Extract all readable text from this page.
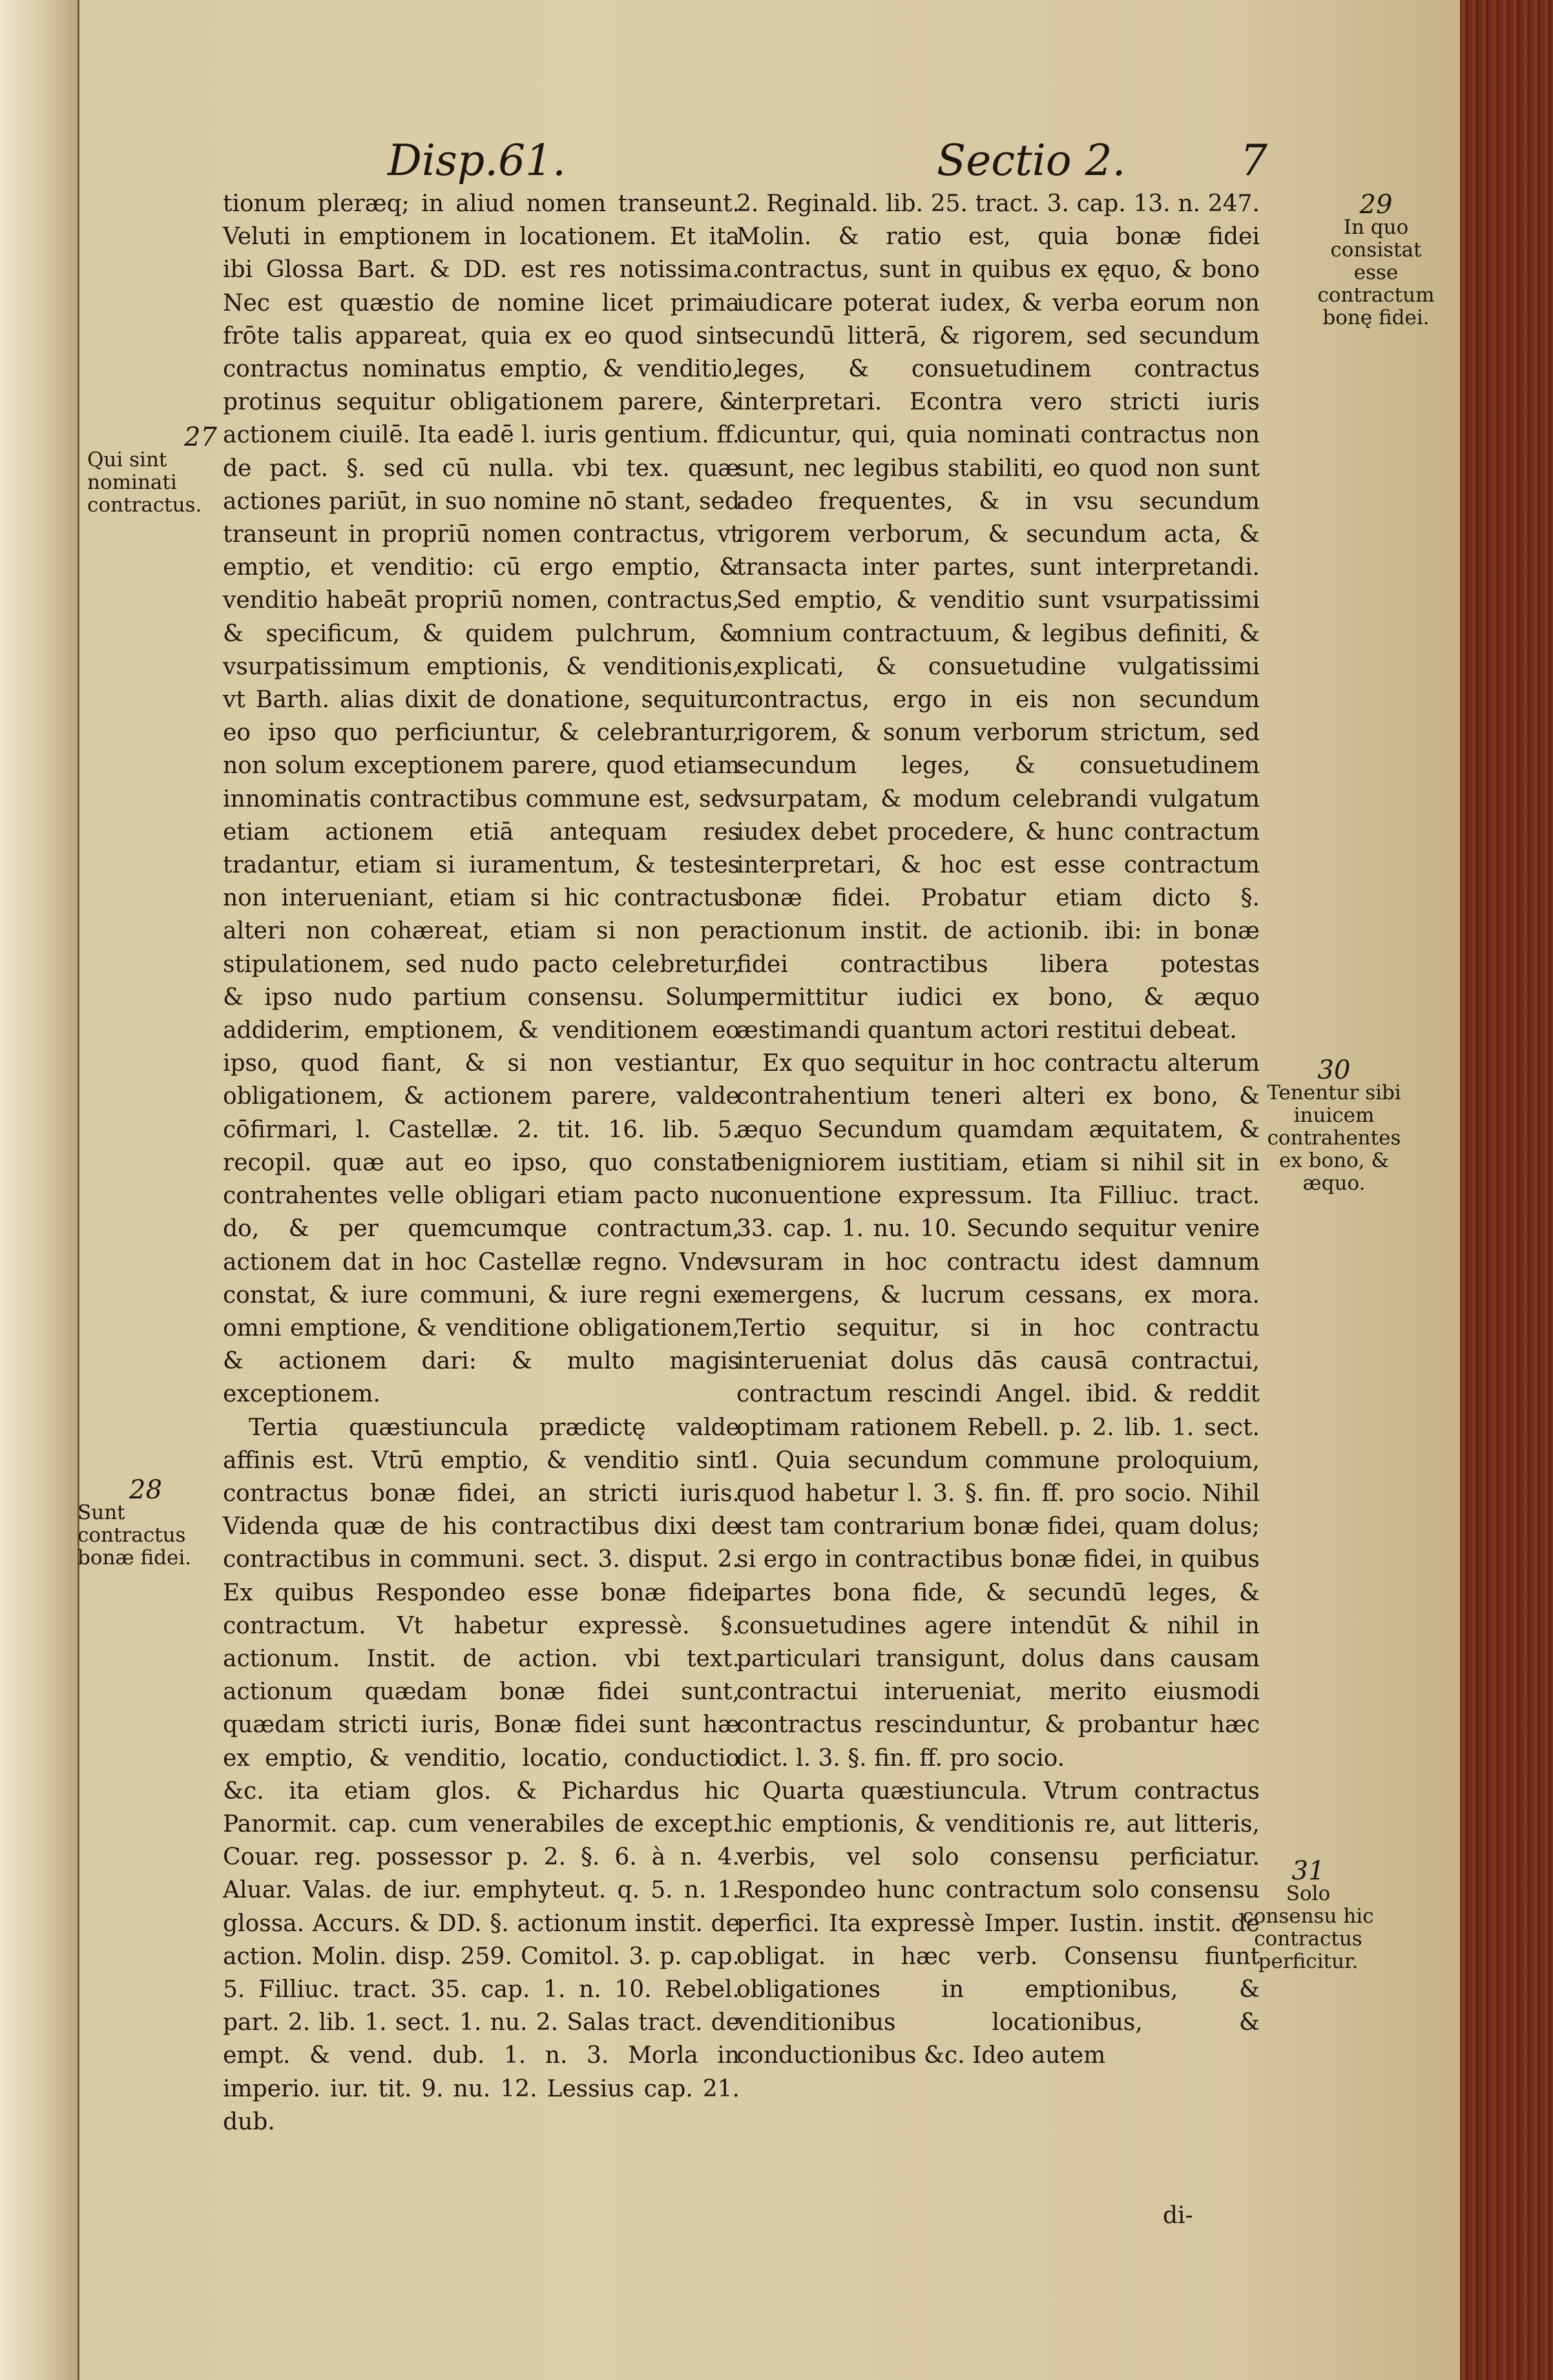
Disp.61.	Sectio 2.	7

tionum pleræq; in aliud nomen transeunt. Veluti in emptionem in locationem. Et ita ibi Glossa Bart. & DD. est res notissima. Nec est quæstio de nomine licet prima frōte talis appareat, quia ex eo quod sint contractus nominatus emptio, & venditio, protinus sequitur obligationem parere, & actionem ciuilē. Ita eadē l. iuris gentium. ff. de pact. §. sed cū nulla. vbi tex. quæ actiones pariūt, in suo nomine nō stant, sed transeunt in propriū nomen contractus, vt emptio, et venditio: cū ergo emptio, & venditio habeāt propriū nomen, contractus, & specificum, & quidem pulchrum, & vsurpatissimum emptionis, & venditionis, vt Barth. alias dixit de donatione, sequitur eo ipso quo perficiuntur, & celebrantur, non solum exceptionem parere, quod etiam innominatis contractibus commune est, sed etiam actionem etiā antequam res tradantur, etiam si iuramentum, & testes non interueniant, etiam si hic contractus alteri non cohæreat, etiam si non per stipulationem, sed nudo pacto celebretur, & ipso nudo partium consensu. Solum addiderim, emptionem, & venditionem eo ipso, quod fiant, & si non vestiantur, obligationem, & actionem parere, valde cōfirmari, l. Castellæ. 2. tit. 16. lib. 5. recopil. quæ aut eo ipso, quo constat contrahentes velle obligari etiam pacto nu do, & per quemcumque contractum, actionem dat in hoc Castellæ regno. Vnde constat, & iure communi, & iure regni ex omni emptione, & venditione obligationem, & actionem dari: & multo magis exceptionem.

Tertia quæstiuncula prædictę valde affinis est. Vtrū emptio, & venditio sint contractus bonæ fidei, an stricti iuris. Videnda quæ de his contractibus dixi de contractibus in communi. sect. 3. disput. 2. Ex quibus Respondeo esse bonæ fidei contractum. Vt habetur expressè. §. actionum. Instit. de action. vbi text. actionum quædam bonæ fidei sunt, quædam stricti iuris, Bonæ fidei sunt hæ ex emptio, & venditio, locatio, conductio &c. ita etiam glos. & Pichardus hic Panormit. cap. cum venerabiles de except. Couar. reg. possessor p. 2. §. 6. à n. 4. Aluar. Valas. de iur. emphyteut. q. 5. n. 1. glossa. Accurs. & DD. §. actionum instit. de action. Molin. disp. 259. Comitol. 3. p. cap. 5. Filliuc. tract. 35. cap. 1. n. 10. Rebel. part. 2. lib. 1. sect. 1. nu. 2. Salas tract. de empt. & vend. dub. 1. n. 3. Morla in imperio. iur. tit. 9. nu. 12. Lessius cap. 21. dub.

2. Reginald. lib. 25. tract. 3. cap. 13. n. 247. Molin. & ratio est, quia bonæ fidei contractus, sunt in quibus ex ęquo, & bono iudicare poterat iudex, & verba eorum non secundū litterā, & rigorem, sed secundum leges, & consuetudinem contractus interpretari. Econtra vero stricti iuris dicuntur, qui, quia nominati contractus non sunt, nec legibus stabiliti, eo quod non sunt adeo frequentes, & in vsu secundum rigorem verborum, & secundum acta, & transacta inter partes, sunt interpretandi. Sed emptio, & venditio sunt vsurpatissimi omnium contractuum, & legibus definiti, & explicati, & consuetudine vulgatissimi contractus, ergo in eis non secundum rigorem, & sonum verborum strictum, sed secundum leges, & consuetudinem vsurpatam, & modum celebrandi vulgatum iudex debet procedere, & hunc contractum interpretari, & hoc est esse contractum bonæ fidei. Probatur etiam dicto §. actionum instit. de actionib. ibi: in bonæ fidei contractibus libera potestas permittitur iudici ex bono, & æquo æstimandi quantum actori restitui debeat.

Ex quo sequitur in hoc contractu alterum contrahentium teneri alteri ex bono, & æquo Secundum quamdam æquitatem, & benigniorem iustitiam, etiam si nihil sit in conuentione expressum. Ita Filliuc. tract. 33. cap. 1. nu. 10. Secundo sequitur venire vsuram in hoc contractu idest damnum emergens, & lucrum cessans, ex mora. Tertio sequitur, si in hoc contractu interueniat dolus dās causā contractui, contractum rescindi Angel. ibid. & reddit optimam rationem Rebell. p. 2. lib. 1. sect. 1. Quia secundum commune proloquium, quod habetur l. 3. §. fin. ff. pro socio. Nihil est tam contrarium bonæ fidei, quam dolus; si ergo in contractibus bonæ fidei, in quibus partes bona fide, & secundū leges, & consuetudines agere intendūt & nihil in particulari transigunt, dolus dans causam contractui interueniat, merito eiusmodi contractus rescinduntur, & probantur hæc dict. l. 3. §. fin. ff. pro socio.

Quarta quæstiuncula. Vtrum contractus hic emptionis, & venditionis re, aut litteris, verbis, vel solo consensu perficiatur. Respondeo hunc contractum solo consensu perfici. Ita expressè Imper. Iustin. instit. de obligat. in hæc verb. Consensu fiunt obligationes in emptionibus, & venditionibus locationibus, & conductionibus &c. Ideo autem

27
Qui sint nominati contractus.
28
Sunt contractus bonæ fidei.
29
In quo consistat esse contractum bonę fidei.
30
Tenentur sibi inuicem contrahentes ex bono, & æquo.
31
Solo consensu hic contractus perficitur.
di-
